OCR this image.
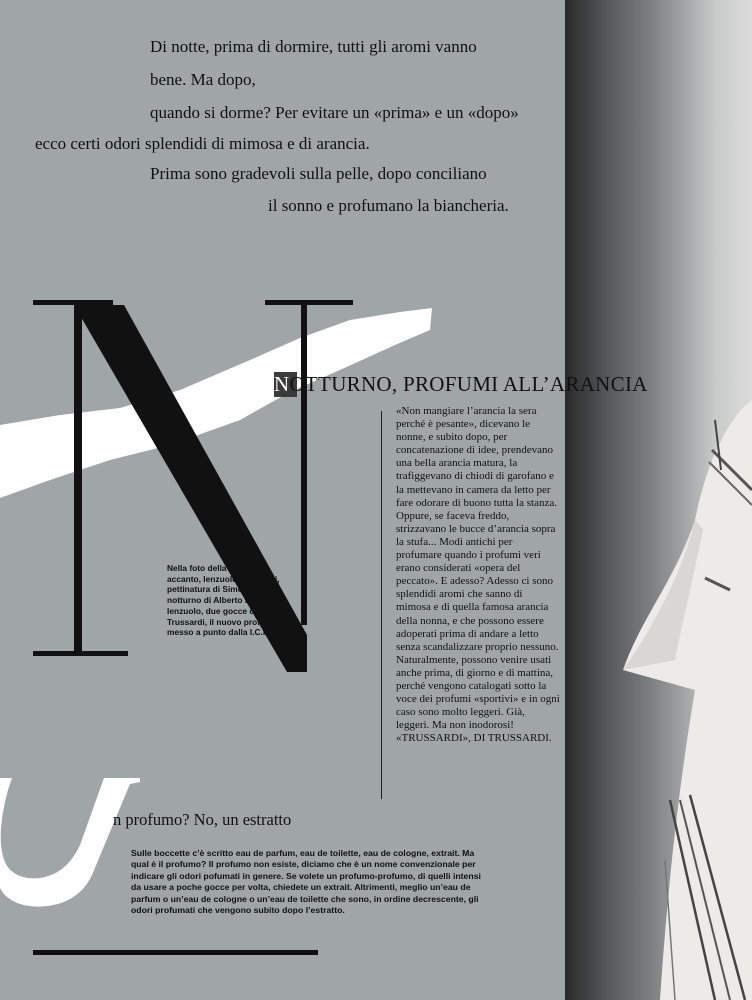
Di notte, prima di dormire, tutti gli aromi vanno
bene. Ma dopo,
quando si dorme? Per evitare un «prima» e un «dopo»
ecco certi odori splendidi di mimosa e di arancia.
Prima sono gradevoli sulla pelle, dopo conciliano
il sonno e profumano la biancheria.
NOTTURNO, PROFUMI ALL’ARANCIA
«Non mangiare l’arancia la sera perché è pesante», dicevano le nonne, e subito dopo, per concatenazione di idee, prendevano una bella arancia matura, la trafiggevano di chiodi di garofano e la mettevano in camera da letto per fare odorare di buono tutta la stanza. Oppure, se faceva freddo, strizzavano le bucce d’arancia sopra la stufa... Modi antichi per profumare quando i profumi veri erano considerati «opera del peccato». E adesso? Adesso ci sono splendidi aromi che sanno di mimosa e di quella famosa arancia della nonna, e che possono essere adoperati prima di andare a letto senza scandalizzare proprio nessuno. Naturalmente, possono venire usati anche prima, di giorno e di mattina, perché vengono catalogati sotto la voce dei profumi «sportivi» e in ogni caso sono molto leggeri. Già, leggeri. Ma non inodorosi! «TRUSSARDI», DI TRUSSARDI.
Nella foto della pagina accanto, lenzuolo di Pratesi, pettinatura di Simon, trucco notturno di Alberto Fava. Sul lenzuolo, due gocce di Trussardi, il nuovo profumo messo a punto dalla I.C.R.
n profumo? No, un estratto
Sulle boccette c’è scritto eau de parfum, eau de toilette, eau de cologne, extrait. Ma qual è il profumo? Il profumo non esiste, diciamo che è un nome convenzionale per indicare gli odori pofumati in genere. Se volete un profumo-profumo, di quelli intensi da usare a poche gocce per volta, chiedete un extrait. Altrimenti, meglio un’eau de parfum o un’eau de cologne o un’eau de toilette che sono, in ordine decrescente, gli odori profumati che vengono subito dopo l’estratto.
